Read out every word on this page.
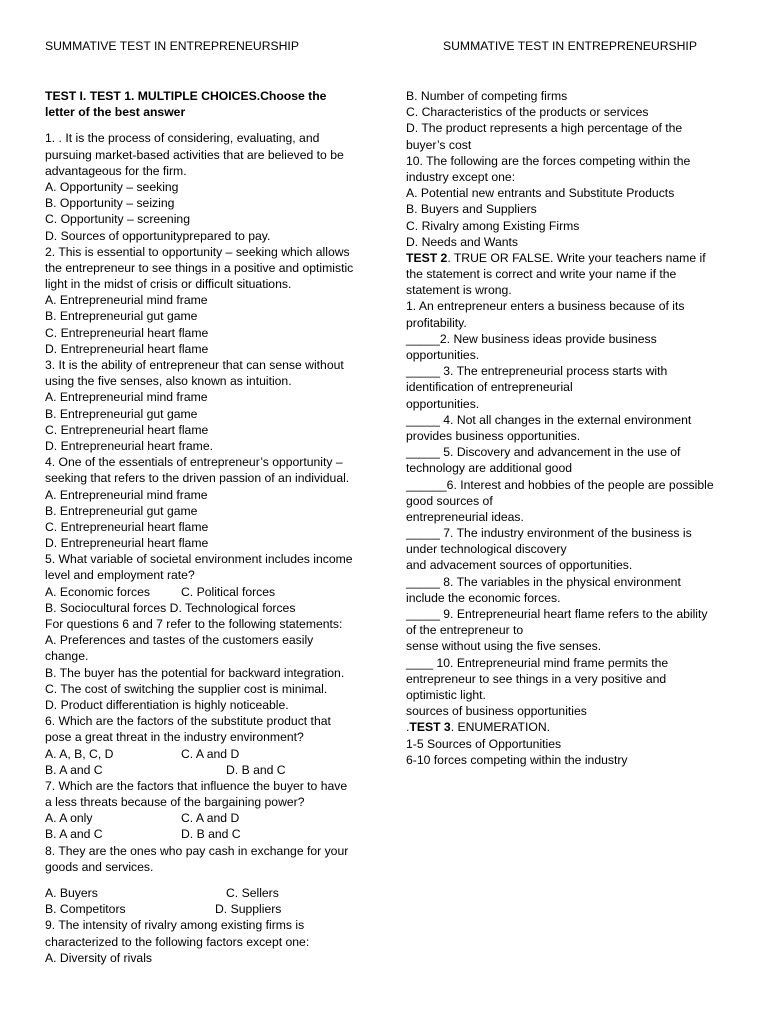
SUMMATIVE TEST IN ENTREPRENEURSHIP	SUMMATIVE TEST IN ENTREPRENEURSHIP
TEST I. TEST 1. MULTIPLE CHOICES.Choose the
letter of the best answer
1. . It is the process of considering, evaluating, and
pursuing market-based activities that are believed to be
advantageous for the firm.
A. Opportunity – seeking
B. Opportunity – seizing
C. Opportunity – screening
D. Sources of opportunityprepared to pay.
2. This is essential to opportunity – seeking which allows
the entrepreneur to see things in a positive and optimistic
light in the midst of crisis or difficult situations.
A. Entrepreneurial mind frame
B. Entrepreneurial gut game
C. Entrepreneurial heart flame
D. Entrepreneurial heart flame
3. It is the ability of entrepreneur that can sense without
using the five senses, also known as intuition.
A. Entrepreneurial mind frame
B. Entrepreneurial gut game
C. Entrepreneurial heart flame
D. Entrepreneurial heart frame.
4. One of the essentials of entrepreneur’s opportunity –
seeking that refers to the driven passion of an individual.
A. Entrepreneurial mind frame
B. Entrepreneurial gut game
C. Entrepreneurial heart flame
D. Entrepreneurial heart flame
5. What variable of societal environment includes income
level and employment rate?
A. Economic forces	C. Political forces
B. Sociocultural forces D. Technological forces
For questions 6 and 7 refer to the following statements:
A. Preferences and tastes of the customers easily
change.
B. The buyer has the potential for backward integration.
C. The cost of switching the supplier cost is minimal.
D. Product differentiation is highly noticeable.
6. Which are the factors of the substitute product that
pose a great threat in the industry environment?
A. A, B, C, D	C. A and D
B. A and C	D. B and C
7. Which are the factors that influence the buyer to have
a less threats because of the bargaining power?
A. A only	C. A and D
B. A and C	D. B and C
8. They are the ones who pay cash in exchange for your
goods and services.
A. Buyers	C. Sellers
B. Competitors	D. Suppliers
9. The intensity of rivalry among existing firms is
characterized to the following factors except one:
A. Diversity of rivals
B. Number of competing firms
C. Characteristics of the products or services
D. The product represents a high percentage of the
buyer’s cost
10. The following are the forces competing within the
industry except one:
A. Potential new entrants and Substitute Products
B. Buyers and Suppliers
C. Rivalry among Existing Firms
D. Needs and Wants
TEST 2. TRUE OR FALSE. Write your teachers name if
the statement is correct and write your name if the
statement is wrong.
1. An entrepreneur enters a business because of its
profitability.
_____2. New business ideas provide business
opportunities.
_____ 3. The entrepreneurial process starts with
identification of entrepreneurial
opportunities.
_____ 4. Not all changes in the external environment
provides business opportunities.
_____ 5. Discovery and advancement in the use of
technology are additional good
______6. Interest and hobbies of the people are possible
good sources of
entrepreneurial ideas.
_____ 7. The industry environment of the business is
under technological discovery
and advacement sources of opportunities.
_____ 8. The variables in the physical environment
include the economic forces.
_____ 9. Entrepreneurial heart flame refers to the ability
of the entrepreneur to
sense without using the five senses.
____ 10. Entrepreneurial mind frame permits the
entrepreneur to see things in a very positive and
optimistic light.
sources of business opportunities
.TEST 3. ENUMERATION.
1-5 Sources of Opportunities
6-10 forces competing within the industry
